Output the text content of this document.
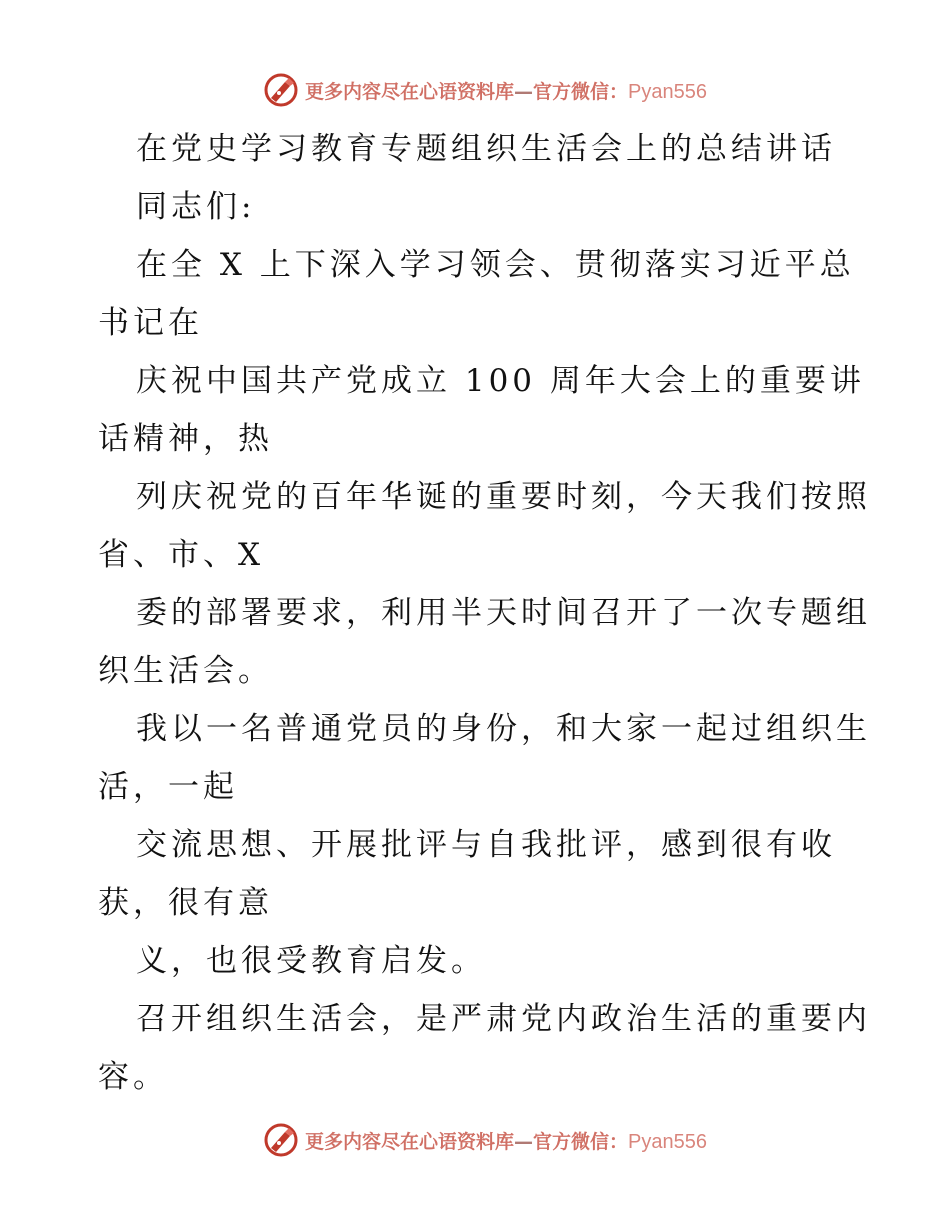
更多内容尽在心语资料库—官方微信：Pyan556
在党史学习教育专题组织生活会上的总结讲话
同志们:
在全 X 上下深入学习领会、贯彻落实习近平总
书记在
庆祝中国共产党成立 100 周年大会上的重要讲
话精神，热
列庆祝党的百年华诞的重要时刻，今天我们按照
省、市、X
委的部署要求，利用半天时间召开了一次专题组
织生活会。
我以一名普通党员的身份，和大家一起过组织生
活，一起
交流思想、开展批评与自我批评，感到很有收
获，很有意
义，也很受教育启发。
召开组织生活会，是严肃党内政治生活的重要内
容。
更多内容尽在心语资料库—官方微信：Pyan556
